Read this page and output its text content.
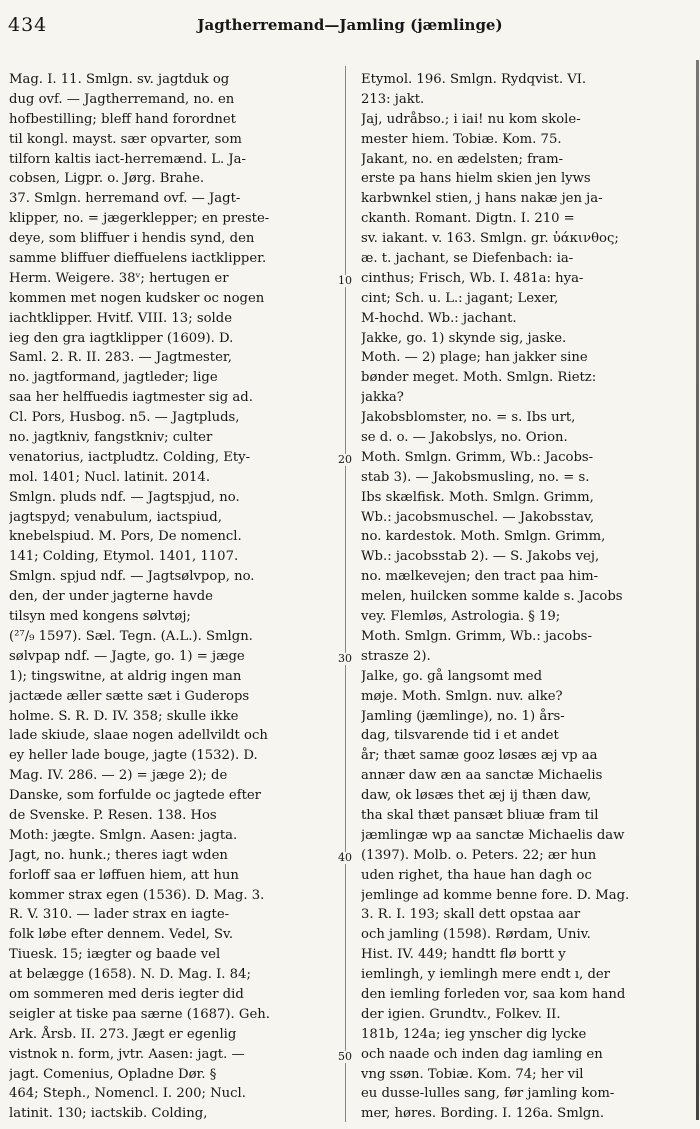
434	Jagtherremand—Jamling (jæmlinge)
10
20
30
40
50
Mag. I. 11. Smlgn. sv. jagtduk og
dug ovf. — Jagtherremand, no. en
hofbestilling; bleff hand forordnet
til kongl. mayst. sær opvarter, som
tilforn kaltis iact-herremænd. L. Ja-
cobsen, Ligpr. o. Jørg. Brahe.
37. Smlgn. herremand ovf. — Jagt-
klipper, no. = jægerklepper; en preste-
deye, som bliffuer i hendis synd, den
samme bliffuer dieffuelens iactklipper.
Herm. Weigere. 38ᵛ; hertugen er
kommen met nogen kudsker oc nogen
iachtklipper. Hvitf. VIII. 13; solde
ieg den gra iagtklipper (1609). D.
Saml. 2. R. II. 283. — Jagtmester,
no. jagtformand, jagtleder; lige
saa her helffuedis iagtmester sig ad.
Cl. Pors, Husbog. n5. — Jagtpluds,
no. jagtkniv, fangstkniv; culter
venatorius, iactpludtz. Colding, Ety-
mol. 1401; Nucl. latinit. 2014.
Smlgn. pluds ndf. — Jagtspjud, no.
jagtspyd; venabulum, iactspiud,
knebelspiud. M. Pors, De nomencl.
141; Colding, Etymol. 1401, 1107.
Smlgn. spjud ndf. — Jagtsølvpop, no.
den, der under jagterne havde
tilsyn med kongens sølvtøj;
(²⁷/₉ 1597). Sæl. Tegn. (A.L.). Smlgn.
sølvpap ndf. — Jagte, go. 1) = jæge
1); tingswitne, at aldrig ingen man
jactæde æller sætte sæt i Guderops
holme. S. R. D. IV. 358; skulle ikke
lade skiude, slaae nogen adellvildt och
ey heller lade bouge, jagte (1532). D.
Mag. IV. 286. — 2) = jæge 2); de
Danske, som forfulde oc jagtede efter
de Svenske. P. Resen. 138. Hos
Moth: jægte. Smlgn. Aasen: jagta.
Jagt, no. hunk.; theres iagt wden
forloff saa er løffuen hiem, att hun
kommer strax egen (1536). D. Mag. 3.
R. V. 310. — lader strax en iagte-
folk løbe efter dennem. Vedel, Sv.
Tiuesk. 15; iægter og baade vel
at belægge (1658). N. D. Mag. I. 84;
om sommeren med deris iegter did
seigler at tiske paa særne (1687). Geh.
Ark. Årsb. II. 273. Jægt er egenlig
vistnok n. form, jvtr. Aasen: jagt. —
jagt. Comenius, Opladne Dør. §
464; Steph., Nomencl. I. 200; Nucl.
latinit. 130; iactskib. Colding,
Etymol. 196. Smlgn. Rydqvist. VI.
213: jakt.
Jaj, udråbso.; i iai! nu kom skole-
mester hiem. Tobiæ. Kom. 75.
Jakant, no. en ædelsten; fram-
erste pa hans hielm skien jen lyws
karbwnkel stien, j hans nakæ jen ja-
ckanth. Romant. Digtn. I. 210 =
sv. iakant. v. 163. Smlgn. gr. ὑάκινθος;
æ. t. jachant, se Diefenbach: ia-
cinthus; Frisch, Wb. I. 481a: hya-
cint; Sch. u. L.: jagant; Lexer,
M-hochd. Wb.: jachant.
Jakke, go. 1) skynde sig, jaske.
Moth. — 2) plage; han jakker sine
bønder meget. Moth. Smlgn. Rietz:
jakka?
Jakobsblomster, no. = s. Ibs urt,
se d. o. — Jakobslys, no. Orion.
Moth. Smlgn. Grimm, Wb.: Jacobs-
stab 3). — Jakobsmusling, no. = s.
Ibs skælfisk. Moth. Smlgn. Grimm,
Wb.: jacobsmuschel. — Jakobsstav,
no. kardestok. Moth. Smlgn. Grimm,
Wb.: jacobsstab 2). — S. Jakobs vej,
no. mælkevejen; den tract paa him-
melen, huilcken somme kalde s. Jacobs
vey. Flemløs, Astrologia. § 19;
Moth. Smlgn. Grimm, Wb.: jacobs-
strasze 2).
Jalke, go. gå langsomt med
møje. Moth. Smlgn. nuv. alke?
Jamling (jæmlinge), no. 1) års-
dag, tilsvarende tid i et andet
år; thæt samæ gooz løsæs æj vp aa
annær daw æn aa sanctæ Michaelis
daw, ok løsæs thet æj ij thæn daw,
tha skal thæt pansæt bliuæ fram til
jæmlingæ wp aa sanctæ Michaelis daw
(1397). Molb. o. Peters. 22; ær hun
uden righet, tha haue han dagh oc
jemlinge ad komme benne fore. D. Mag.
3. R. I. 193; skall dett opstaa aar
och jamling (1598). Rørdam, Univ.
Hist. IV. 449; handtt flø bortt y
iemlingh, y iemlingh mere endt ı, der
den iemling forleden vor, saa kom hand
der igien. Grundtv., Folkev. II.
181b, 124a; ieg ynscher dig lycke
och naade och inden dag iamling en
vng ssøn. Tobiæ. Kom. 74; her vil
eu dusse-lulles sang, før jamling kom-
mer, høres. Bording. I. 126a. Smlgn.
